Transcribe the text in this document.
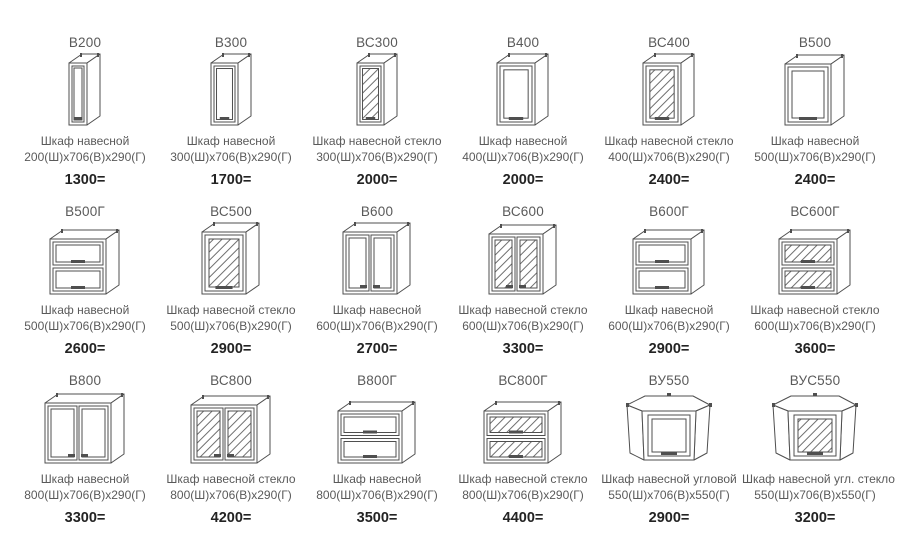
В200
Шкаф навесной
200(Ш)х706(В)х290(Г)
1300=
В300
Шкаф навесной
300(Ш)х706(В)х290(Г)
1700=
ВС300
Шкаф навесной стекло
300(Ш)х706(В)х290(Г)
2000=
В400
Шкаф навесной
400(Ш)х706(В)х290(Г)
2000=
ВС400
Шкаф навесной стекло
400(Ш)х706(В)х290(Г)
2400=
В500
Шкаф навесной
500(Ш)х706(В)х290(Г)
2400=
В500Г
Шкаф навесной
500(Ш)х706(В)х290(Г)
2600=
ВС500
Шкаф навесной стекло
500(Ш)х706(В)х290(Г)
2900=
В600
Шкаф навесной
600(Ш)х706(В)х290(Г)
2700=
ВС600
Шкаф навесной стекло
600(Ш)х706(В)х290(Г)
3300=
В600Г
Шкаф навесной
600(Ш)х706(В)х290(Г)
2900=
ВС600Г
Шкаф навесной стекло
600(Ш)х706(В)х290(Г)
3600=
В800
Шкаф навесной
800(Ш)х706(В)х290(Г)
3300=
ВС800
Шкаф навесной стекло
800(Ш)х706(В)х290(Г)
4200=
В800Г
Шкаф навесной
800(Ш)х706(В)х290(Г)
3500=
ВС800Г
Шкаф навесной стекло
800(Ш)х706(В)х290(Г)
4400=
ВУ550
Шкаф навесной угловой
550(Ш)х706(В)х550(Г)
2900=
ВУС550
Шкаф навесной угл. стекло
550(Ш)х706(В)х550(Г)
3200=
